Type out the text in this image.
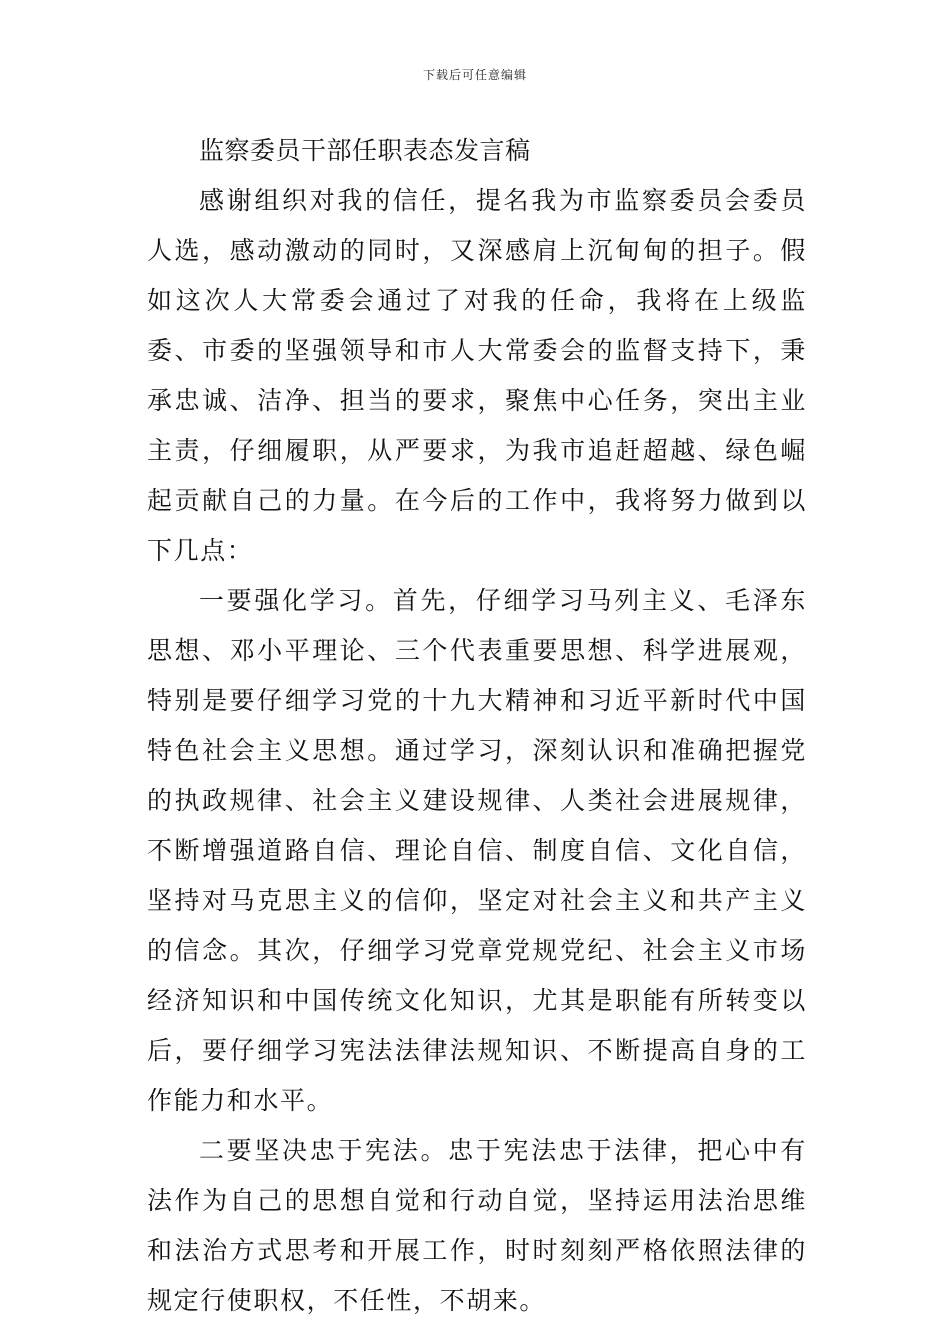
下载后可任意编辑
监察委员干部任职表态发言稿

感谢组织对我的信任，提名我为市监察委员会委员人选，感动激动的同时，又深感肩上沉甸甸的担子。假如这次人大常委会通过了对我的任命，我将在上级监委、市委的坚强领导和市人大常委会的监督支持下，秉承忠诚、洁净、担当的要求，聚焦中心任务，突出主业主责，仔细履职，从严要求，为我市追赶超越、绿色崛起贡献自己的力量。在今后的工作中，我将努力做到以下几点：

一要强化学习。首先，仔细学习马列主义、毛泽东思想、邓小平理论、三个代表重要思想、科学进展观，特别是要仔细学习党的十九大精神和习近平新时代中国特色社会主义思想。通过学习，深刻认识和准确把握党的执政规律、社会主义建设规律、人类社会进展规律，不断增强道路自信、理论自信、制度自信、文化自信，坚持对马克思主义的信仰，坚定对社会主义和共产主义的信念。其次，仔细学习党章党规党纪、社会主义市场经济知识和中国传统文化知识，尤其是职能有所转变以后，要仔细学习宪法法律法规知识、不断提高自身的工作能力和水平。

二要坚决忠于宪法。忠于宪法忠于法律，把心中有法作为自己的思想自觉和行动自觉，坚持运用法治思维和法治方式思考和开展工作，时时刻刻严格依照法律的规定行使职权，不任性，不胡来。
